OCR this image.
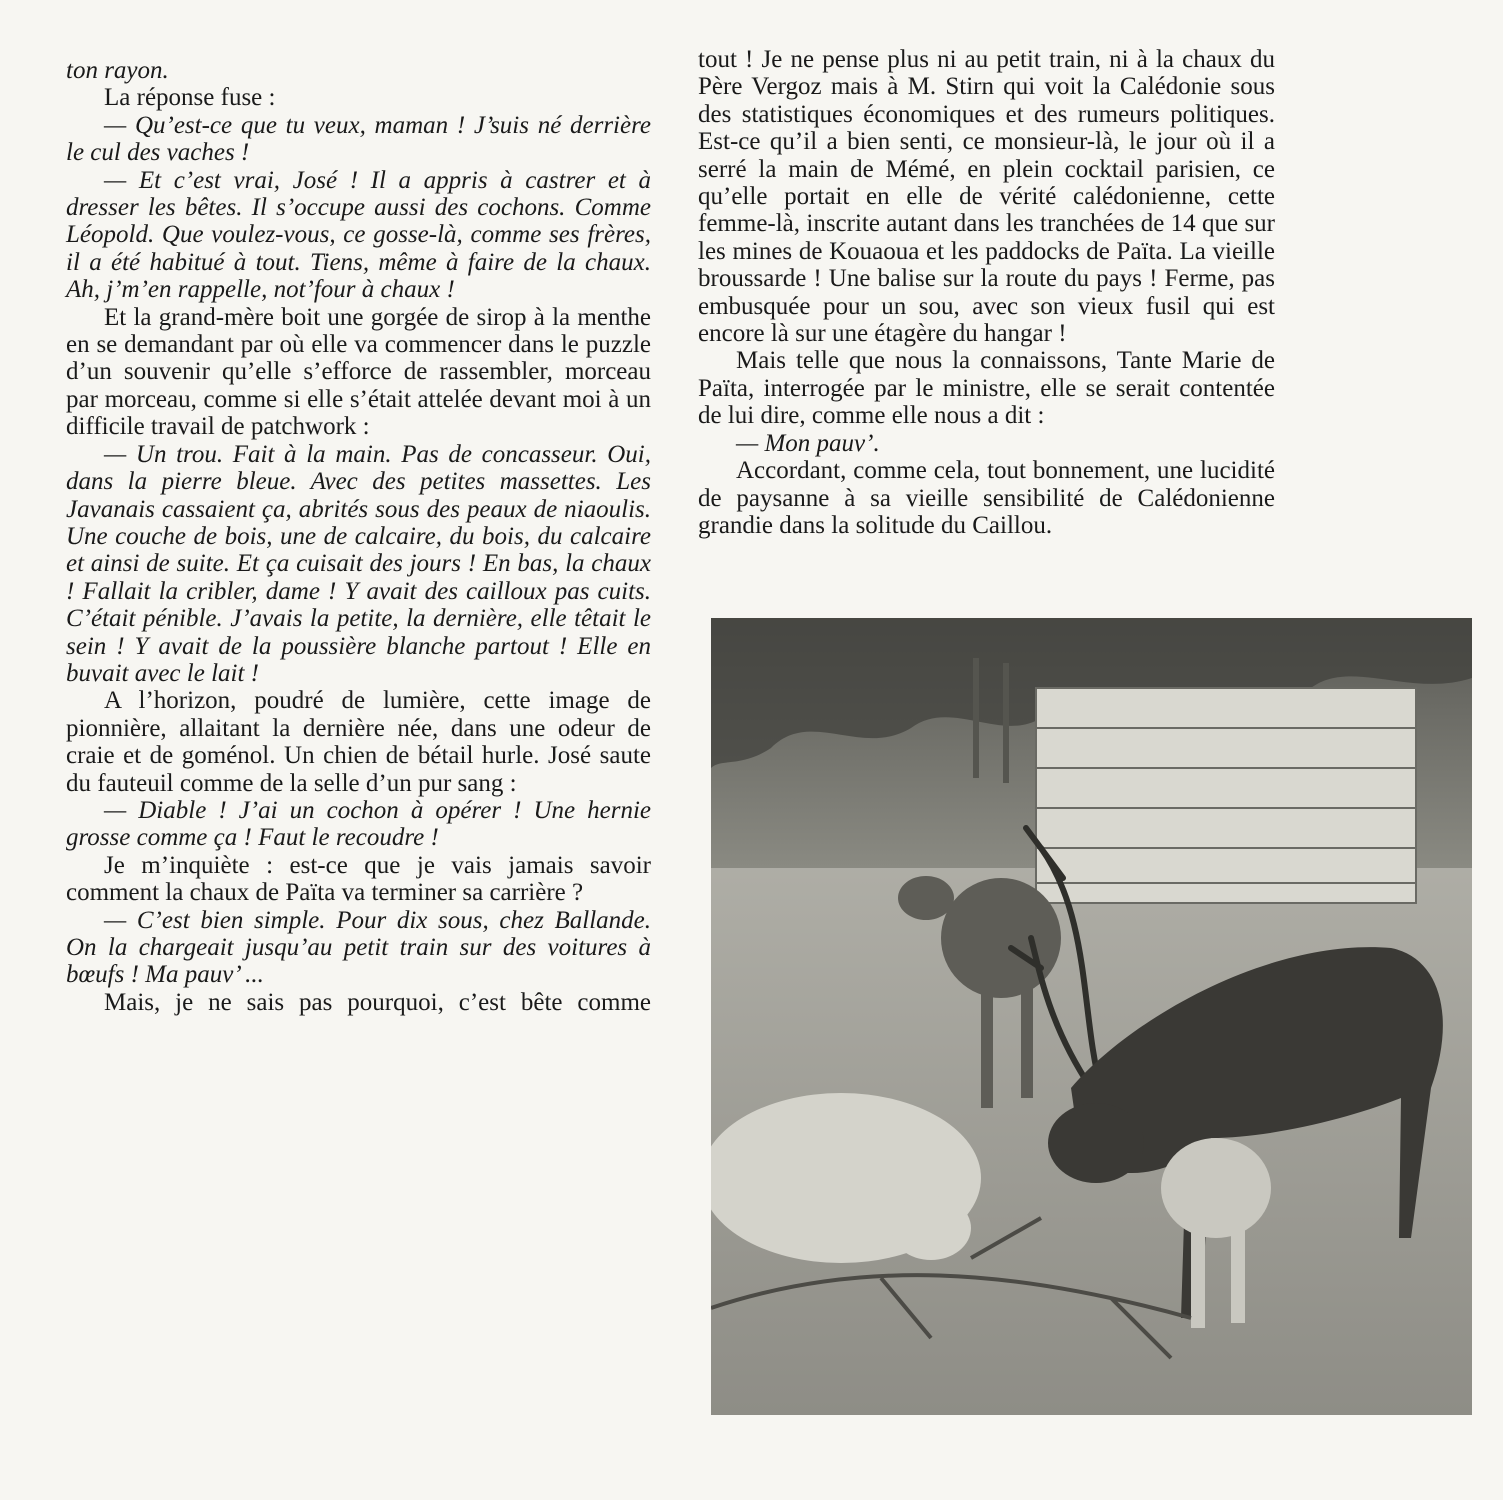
ton rayon.

La réponse fuse :

— Qu’est-ce que tu veux, maman ! J’suis né derrière le cul des vaches !

— Et c’est vrai, José ! Il a appris à castrer et à dresser les bêtes. Il s’occupe aussi des cochons. Comme Léopold. Que voulez-vous, ce gosse-là, comme ses frères, il a été habitué à tout. Tiens, même à faire de la chaux. Ah, j’m’en rappelle, not’four à chaux !

Et la grand-mère boit une gorgée de sirop à la menthe en se demandant par où elle va commencer dans le puzzle d’un souvenir qu’elle s’efforce de rassembler, morceau par morceau, comme si elle s’était attelée devant moi à un difficile travail de patchwork :

— Un trou. Fait à la main. Pas de concasseur. Oui, dans la pierre bleue. Avec des petites massettes. Les Javanais cassaient ça, abrités sous des peaux de niaoulis. Une couche de bois, une de calcaire, du bois, du calcaire et ainsi de suite. Et ça cuisait des jours ! En bas, la chaux ! Fallait la cribler, dame ! Y avait des cailloux pas cuits. C’était pénible. J’avais la petite, la dernière, elle têtait le sein ! Y avait de la poussière blanche partout ! Elle en buvait avec le lait !

A l’horizon, poudré de lumière, cette image de pionnière, allaitant la dernière née, dans une odeur de craie et de goménol. Un chien de bétail hurle. José saute du fauteuil comme de la selle d’un pur sang :

— Diable ! J’ai un cochon à opérer ! Une hernie grosse comme ça ! Faut le recoudre !

Je m’inquiète : est-ce que je vais jamais savoir comment la chaux de Païta va terminer sa carrière ?

— C’est bien simple. Pour dix sous, chez Ballande. On la chargeait jusqu’au petit train sur des voitures à bœufs ! Ma pauv’ ...

Mais, je ne sais pas pourquoi, c’est bête comme

tout ! Je ne pense plus ni au petit train, ni à la chaux du Père Vergoz mais à M. Stirn qui voit la Calédonie sous des statistiques économiques et des rumeurs politiques. Est-ce qu’il a bien senti, ce monsieur-là, le jour où il a serré la main de Mémé, en plein cocktail parisien, ce qu’elle portait en elle de vérité calédonienne, cette femme-là, inscrite autant dans les tranchées de 14 que sur les mines de Kouaoua et les paddocks de Païta. La vieille broussarde ! Une balise sur la route du pays ! Ferme, pas embusquée pour un sou, avec son vieux fusil qui est encore là sur une étagère du hangar !

Mais telle que nous la connaissons, Tante Marie de Païta, interrogée par le ministre, elle se serait contentée de lui dire, comme elle nous a dit :

— Mon pauv’.

Accordant, comme cela, tout bonnement, une lucidité de paysanne à sa vieille sensibilité de Calédonienne grandie dans la solitude du Caillou.
